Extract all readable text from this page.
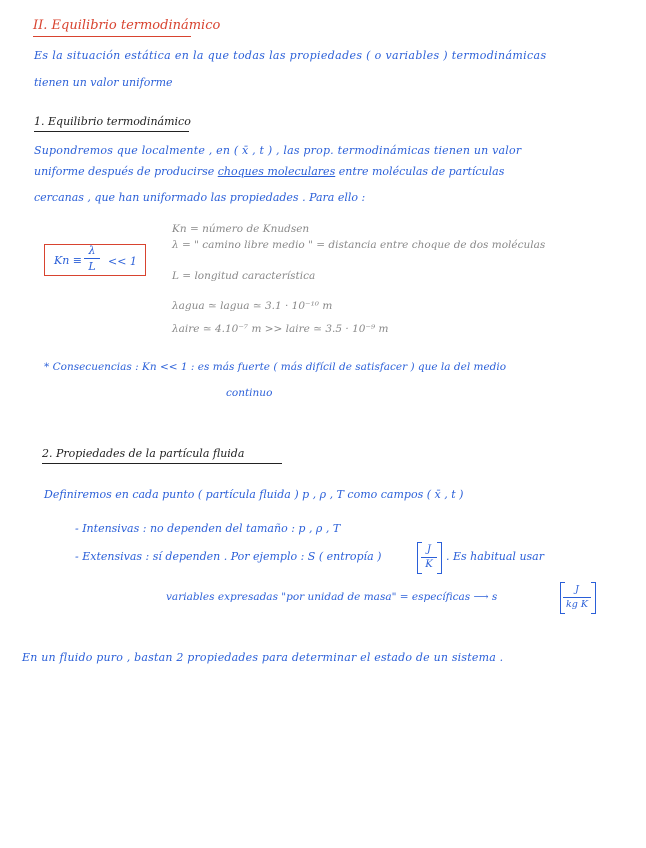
II. Equilibrio termodinámico
Es la situación estática en la que todas las propiedades ( o variables ) termodinámicas
tienen un valor uniforme
1. Equilibrio termodinámico
Supondremos que localmente , en ( x̄ , t ) , las prop. termodinámicas tienen un valor
uniforme después de producirse choques moleculares entre moléculas de partículas
cercanas , que han uniformado las propiedades . Para ello :
Kn ≡
λ
L	<< 1
Kn = número de Knudsen
λ = " camino libre medio " = distancia entre choque de dos moléculas
L = longitud característica
λagua ≃ lagua ≃ 3.1 · 10⁻¹⁰ m
λaire ≃ 4.10⁻⁷ m >> laire ≃ 3.5 · 10⁻⁹ m
* Consecuencias : Kn << 1 : es más fuerte ( más difícil de satisfacer ) que la del medio
continuo
2. Propiedades de la partícula fluida
Definiremos en cada punto ( partícula fluida ) p , ρ , T como campos ( x̄ , t )
- Intensivas : no dependen del tamaño : p , ρ , T
- Extensivas : sí dependen . Por ejemplo : S ( entropía )
J
K
. Es habitual usar
variables expresadas "por unidad de masa" = específicas ⟶ s
J
kg K
En un fluido puro , bastan 2 propiedades para determinar el estado de un sistema .
